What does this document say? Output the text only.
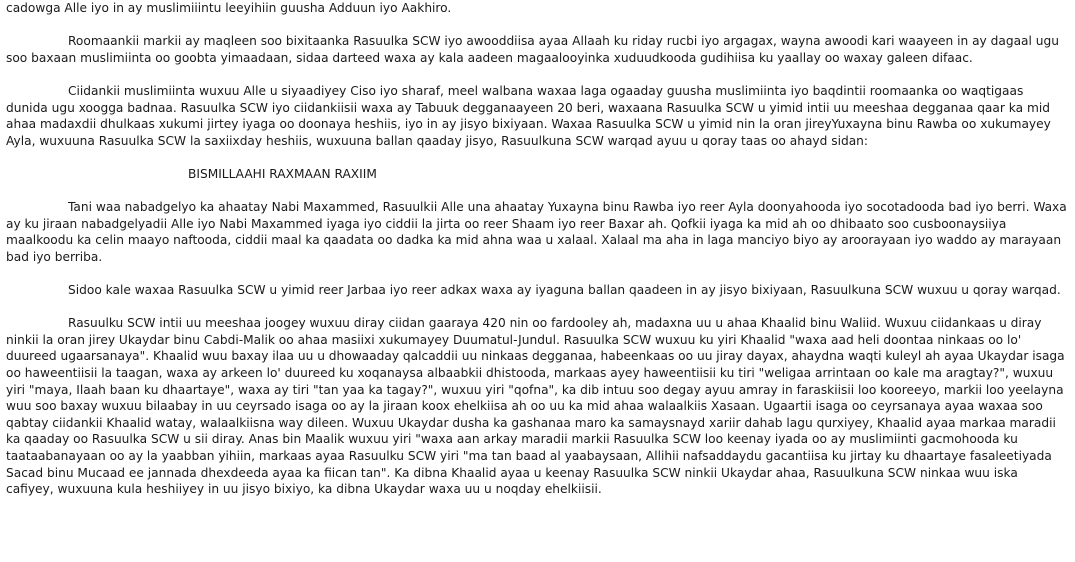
cadowga Alle iyo in ay muslimiiintu leeyihiin guusha Adduun iyo Aakhiro.

Roomaankii markii ay maqleen soo bixitaanka Rasuulka SCW iyo awooddiisa ayaa Allaah ku riday rucbi iyo argagax, wayna awoodi kari waayeen in ay dagaal ugu soo baxaan muslimiinta oo goobta yimaadaan, sidaa darteed waxa ay kala aadeen magaalooyinka xuduudkooda gudihiisa ku yaallay oo waxay galeen difaac.

Ciidankii muslimiinta wuxuu Alle u siyaadiyey Ciso iyo sharaf, meel walbana waxaa laga ogaaday guusha muslimiinta iyo baqdintii roomaanka oo waqtigaas dunida ugu xoogga badnaa. Rasuulka SCW iyo ciidankiisii waxa ay Tabuuk degganaayeen 20 beri, waxaana Rasuulka SCW u yimid intii uu meeshaa degganaa qaar ka mid ahaa madaxdii dhulkaas xukumi jirtey iyaga oo doonaya heshiis, iyo in ay jisyo bixiyaan. Waxaa Rasuulka SCW u yimid nin la oran jireyYuxayna binu Rawba oo xukumayey Ayla, wuxuuna Rasuulka SCW la saxiixday heshiis, wuxuuna ballan qaaday jisyo, Rasuulkuna SCW warqad ayuu u qoray taas oo ahayd sidan:

BISMILLAAHI RAXMAAN RAXIIM

Tani waa nabadgelyo ka ahaatay Nabi Maxammed, Rasuulkii Alle una ahaatay Yuxayna binu Rawba iyo reer Ayla doonyahooda iyo socotadooda bad iyo berri. Waxa ay ku jiraan nabadgelyadii Alle iyo Nabi Maxammed iyaga iyo ciddii la jirta oo reer Shaam iyo reer Baxar ah. Qofkii iyaga ka mid ah oo dhibaato soo cusboonaysiiya maalkoodu ka celin maayo naftooda, ciddii maal ka qaadata oo dadka ka mid ahna waa u xalaal. Xalaal ma aha in laga manciyo biyo ay aroorayaan iyo waddo ay marayaan bad iyo berriba.

Sidoo kale waxaa Rasuulka SCW u yimid reer Jarbaa iyo reer adkax waxa ay iyaguna ballan qaadeen in ay jisyo bixiyaan, Rasuulkuna SCW wuxuu u qoray warqad.

Rasuulku SCW intii uu meeshaa joogey wuxuu diray ciidan gaaraya 420 nin oo fardooley ah, madaxna uu u ahaa Khaalid binu Waliid. Wuxuu ciidankaas u diray ninkii la oran jirey Ukaydar binu Cabdi-Malik oo ahaa masiixi xukumayey Duumatul-Jundul. Rasuulka SCW wuxuu ku yiri Khaalid "waxa aad heli doontaa ninkaas oo lo' duureed ugaarsanaya". Khaalid wuu baxay ilaa uu u dhowaaday qalcaddii uu ninkaas degganaa, habeenkaas oo uu jiray dayax, ahaydna waqti kuleyl ah ayaa Ukaydar isaga oo haweentiisii la taagan, waxa ay arkeen lo' duureed ku xoqanaysa albaabkii dhistooda, markaas ayey haweentiisii ku tiri "weligaa arrintaan oo kale ma aragtay?", wuxuu yiri "maya, Ilaah baan ku dhaartaye", waxa ay tiri "tan yaa ka tagay?", wuxuu yiri "qofna", ka dib intuu soo degay ayuu amray in faraskiisii loo kooreeyo, markii loo yeelayna wuu soo baxay wuxuu bilaabay in uu ceyrsado isaga oo ay la jiraan koox ehelkiisa ah oo uu ka mid ahaa walaalkiis Xasaan. Ugaartii isaga oo ceyrsanaya ayaa waxaa soo qabtay ciidankii Khaalid watay, walaalkiisna way dileen. Wuxuu Ukaydar dusha ka gashanaa maro ka samaysnayd xariir dahab lagu qurxiyey, Khaalid ayaa markaa maradii ka qaaday oo Rasuulka SCW u sii diray. Anas bin Maalik wuxuu yiri "waxa aan arkay maradii markii Rasuulka SCW loo keenay iyada oo ay muslimiinti gacmohooda ku taataabanayaan oo ay la yaabban yihiin, markaas ayaa Rasuulku SCW yiri "ma tan baad al yaabaysaan, Allihii nafsaddaydu gacantiisa ku jirtay ku dhaartaye fasaleetiyada Sacad binu Mucaad ee jannada dhexdeeda ayaa ka fiican tan". Ka dibna Khaalid ayaa u keenay Rasuulka SCW ninkii Ukaydar ahaa, Rasuulkuna SCW ninkaa wuu iska cafiyey, wuxuuna kula heshiiyey in uu jisyo bixiyo, ka dibna Ukaydar waxa uu u noqday ehelkiisii.
